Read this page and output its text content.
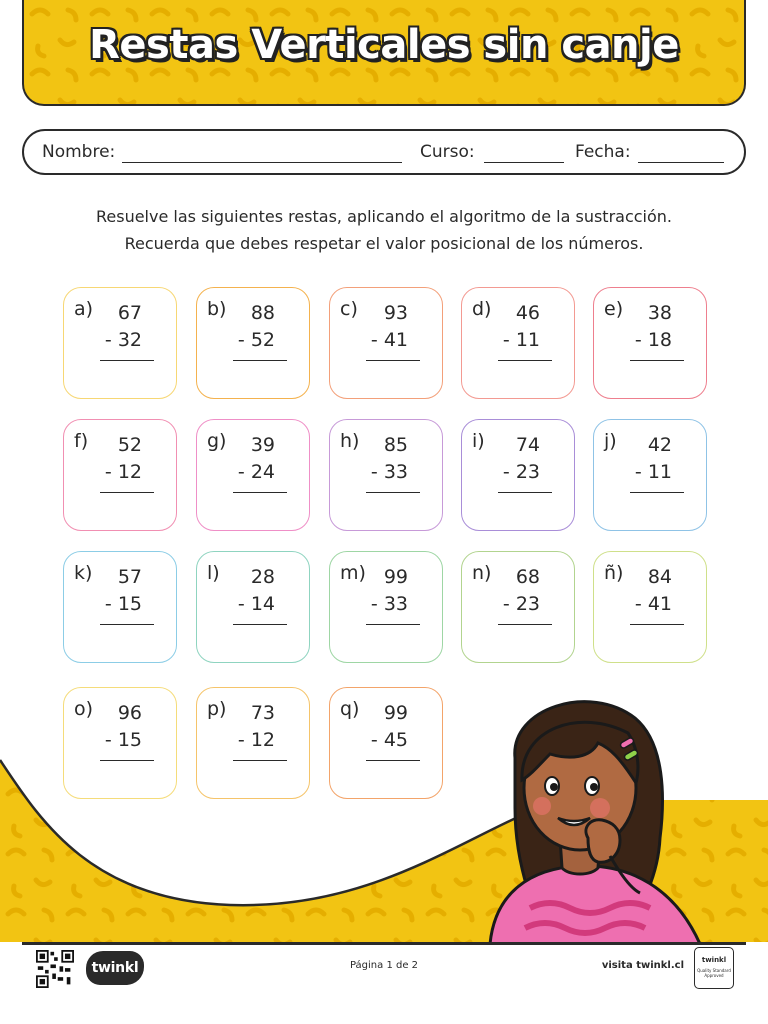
Restas Verticales sin canje
Nombre:	Curso:	Fecha:
Resuelve las siguientes restas, aplicando el algoritmo de la sustracción.
Recuerda que debes respetar el valor posicional de los números.
a) 67
- 32
b) 88
- 52
c) 93
- 41
d) 46
- 11
e) 38
- 18
f) 52
- 12
g) 39
- 24
h) 85
- 33
i) 74
- 23
j) 42
- 11
k) 57
- 15
l) 28
- 14
m) 99
- 33
n) 68
- 23
ñ) 84
- 41
o) 96
- 15
p) 73
- 12
q) 99
- 45
twinkl	Página 1 de 2	visita twinkl.cl	twinkl
Quality Standard Approved
